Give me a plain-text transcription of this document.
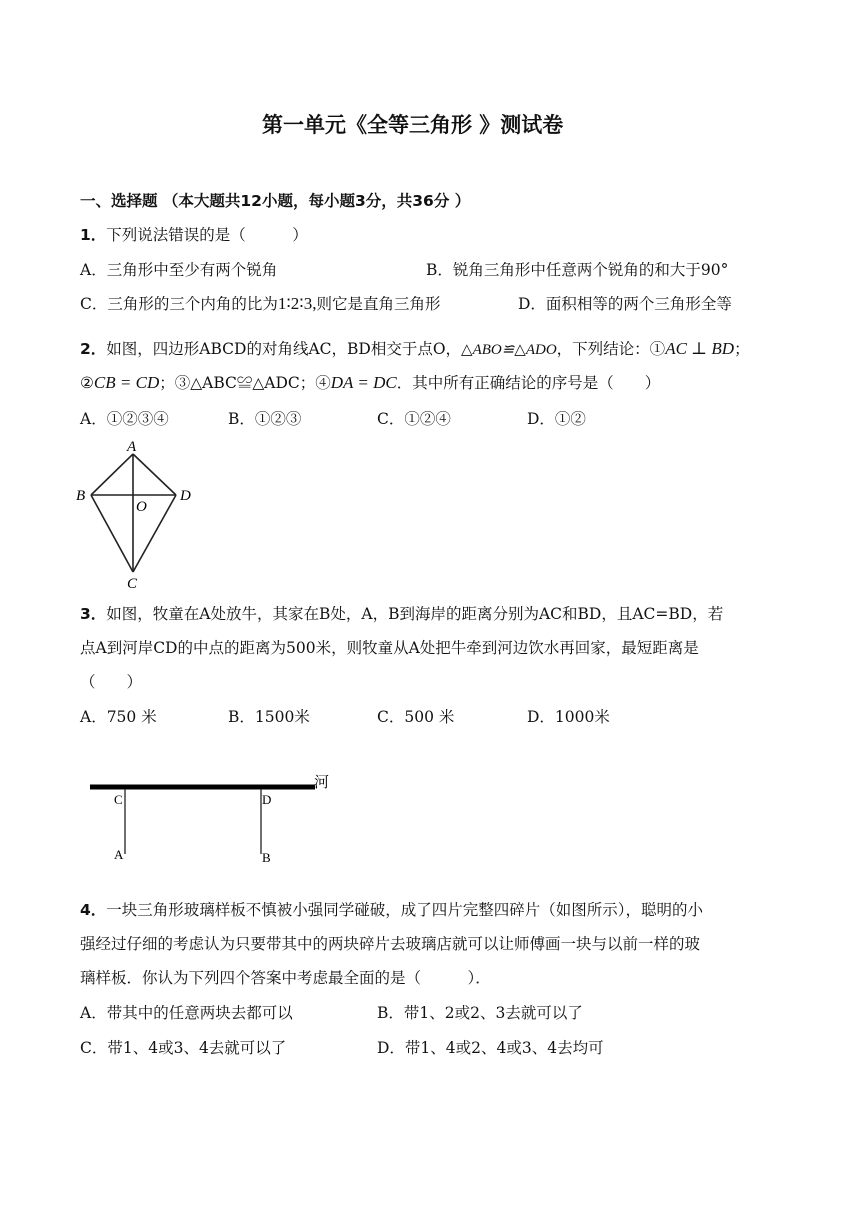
第一单元《全等三角形 》测试卷
一、选择题 （本大题共12小题，每小题3分，共36分 ）
1．下列说法错误的是（　　　）
A．三角形中至少有两个锐角	B．锐角三角形中任意两个锐角的和大于90°
C．三角形的三个内角的比为1∶2∶3,则它是直角三角形	D．面积相等的两个三角形全等
2．如图，四边形ABCD的对角线AC，BD相交于点O，△ABO≌△ADO，下列结论：①AC ⊥ BD；
②CB = CD；③△ABC≌△ADC；④DA = DC．其中所有正确结论的序号是（　　）
A．①②③④	B．①②③	C．①②④	D．①②
A
B	D
O
C
3．如图，牧童在A处放牛，其家在B处，A，B到海岸的距离分别为AC和BD，且AC=BD，若
点A到河岸CD的中点的距离为500米，则牧童从A处把牛牵到河边饮水再回家，最短距离是
（　　）
A．750 米	B．1500米	C．500 米	D．1000米
河
C	D
A	B
4．一块三角形玻璃样板不慎被小强同学碰破，成了四片完整四碎片（如图所示），聪明的小
强经过仔细的考虑认为只要带其中的两块碎片去玻璃店就可以让师傅画一块与以前一样的玻
璃样板．你认为下列四个答案中考虑最全面的是（　　　）．
A．带其中的任意两块去都可以	B．带1、2或2、3去就可以了
C．带1、4或3、4去就可以了	D．带1、4或2、4或3、4去均可
